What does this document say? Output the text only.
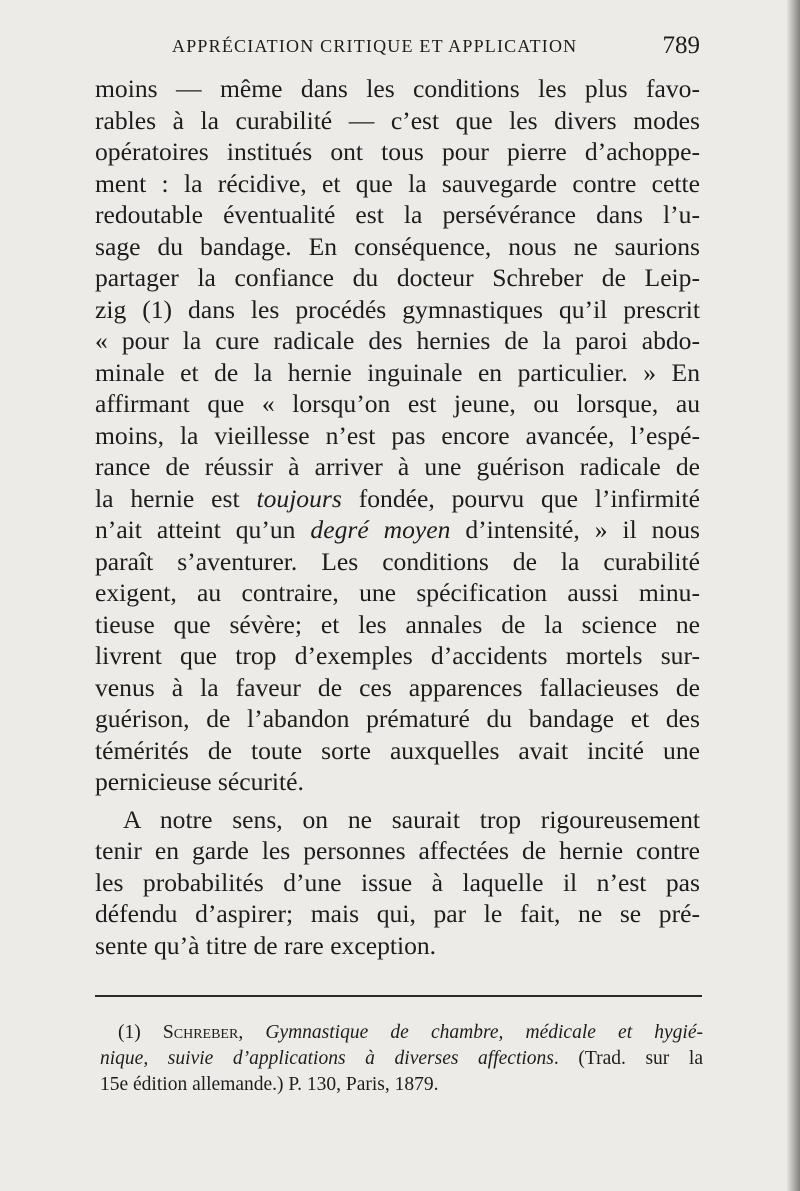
APPRÉCIATION CRITIQUE ET APPLICATION	789
moins — même dans les conditions les plus favo-
rables à la curabilité — c’est que les divers modes
opératoires institués ont tous pour pierre d’achoppe-
ment : la récidive, et que la sauvegarde contre cette
redoutable éventualité est la persévérance dans l’u-
sage du bandage. En conséquence, nous ne saurions
partager la confiance du docteur Schreber de Leip-
zig (1) dans les procédés gymnastiques qu’il prescrit
« pour la cure radicale des hernies de la paroi abdo-
minale et de la hernie inguinale en particulier. » En
affirmant que « lorsqu’on est jeune, ou lorsque, au
moins, la vieillesse n’est pas encore avancée, l’espé-
rance de réussir à arriver à une guérison radicale de
la hernie est toujours fondée, pourvu que l’infirmité
n’ait atteint qu’un degré moyen d’intensité, » il nous
paraît s’aventurer. Les conditions de la curabilité
exigent, au contraire, une spécification aussi minu-
tieuse que sévère; et les annales de la science ne
livrent que trop d’exemples d’accidents mortels sur-
venus à la faveur de ces apparences fallacieuses de
guérison, de l’abandon prématuré du bandage et des
témérités de toute sorte auxquelles avait incité une
pernicieuse sécurité.
A notre sens, on ne saurait trop rigoureusement
tenir en garde les personnes affectées de hernie contre
les probabilités d’une issue à laquelle il n’est pas
défendu d’aspirer; mais qui, par le fait, ne se pré-
sente qu’à titre de rare exception.
(1) Schreber, Gymnastique de chambre, médicale et hygié-
nique, suivie d’applications à diverses affections. (Trad. sur la
15e édition allemande.) P. 130, Paris, 1879.
